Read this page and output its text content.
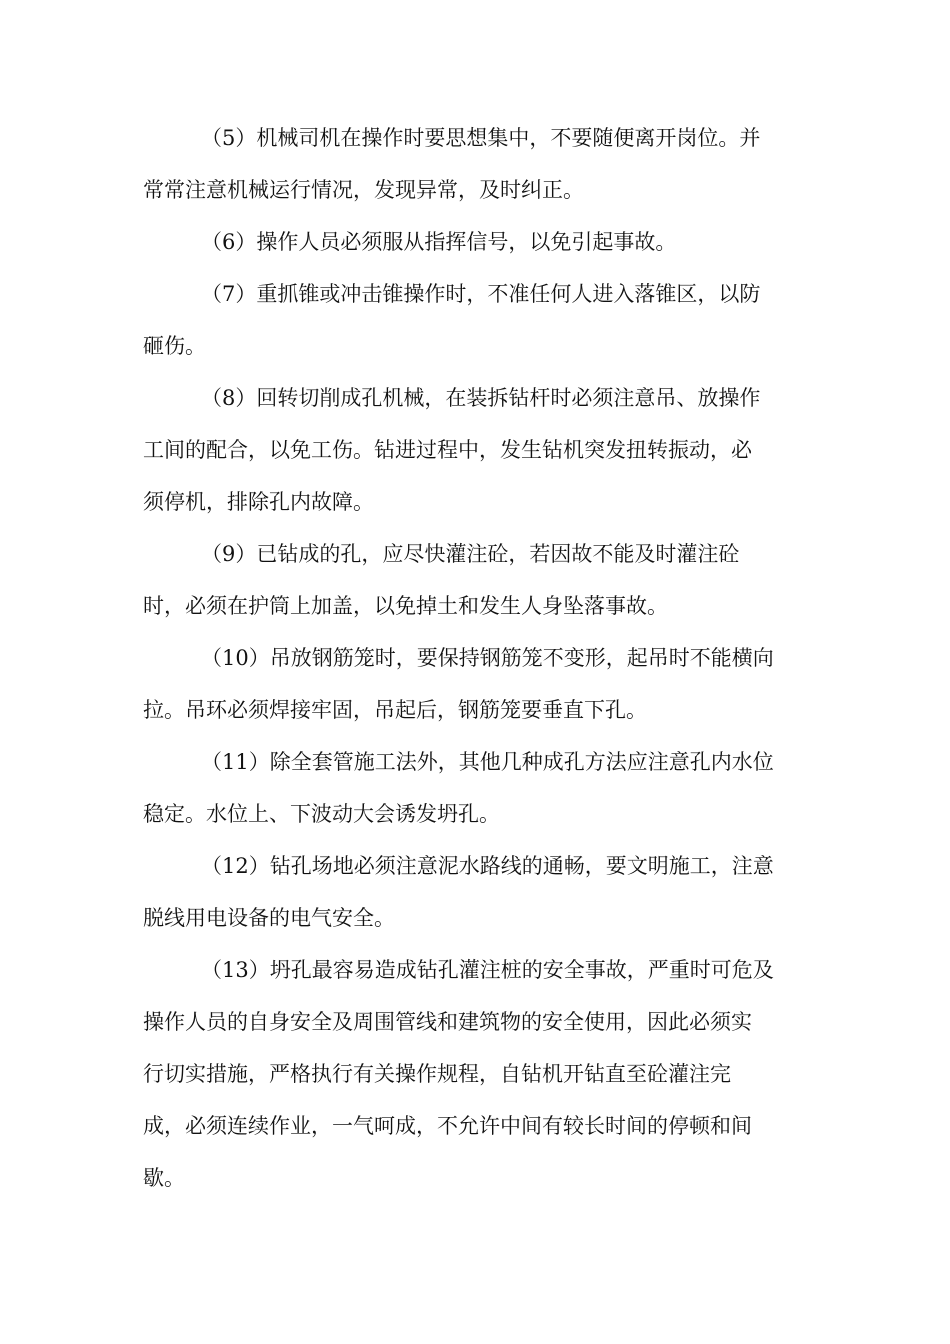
（5）机械司机在操作时要思想集中，不要随便离开岗位。并
常常注意机械运行情况，发现异常，及时纠正。
（6）操作人员必须服从指挥信号，以免引起事故。
（7）重抓锥或冲击锥操作时，不准任何人进入落锥区，以防
砸伤。
（8）回转切削成孔机械，在装拆钻杆时必须注意吊、放操作
工间的配合，以免工伤。钻进过程中，发生钻机突发扭转振动，必
须停机，排除孔内故障。
（9）已钻成的孔，应尽快灌注砼，若因故不能及时灌注砼
时，必须在护筒上加盖，以免掉土和发生人身坠落事故。
（10）吊放钢筋笼时，要保持钢筋笼不变形，起吊时不能横向
拉。吊环必须焊接牢固，吊起后，钢筋笼要垂直下孔。
（11）除全套管施工法外，其他几种成孔方法应注意孔内水位
稳定。水位上、下波动大会诱发坍孔。
（12）钻孔场地必须注意泥水路线的通畅，要文明施工，注意
脱线用电设备的电气安全。
（13）坍孔最容易造成钻孔灌注桩的安全事故，严重时可危及
操作人员的自身安全及周围管线和建筑物的安全使用，因此必须实
行切实措施，严格执行有关操作规程，自钻机开钻直至砼灌注完
成，必须连续作业，一气呵成，不允许中间有较长时间的停顿和间
歇。
